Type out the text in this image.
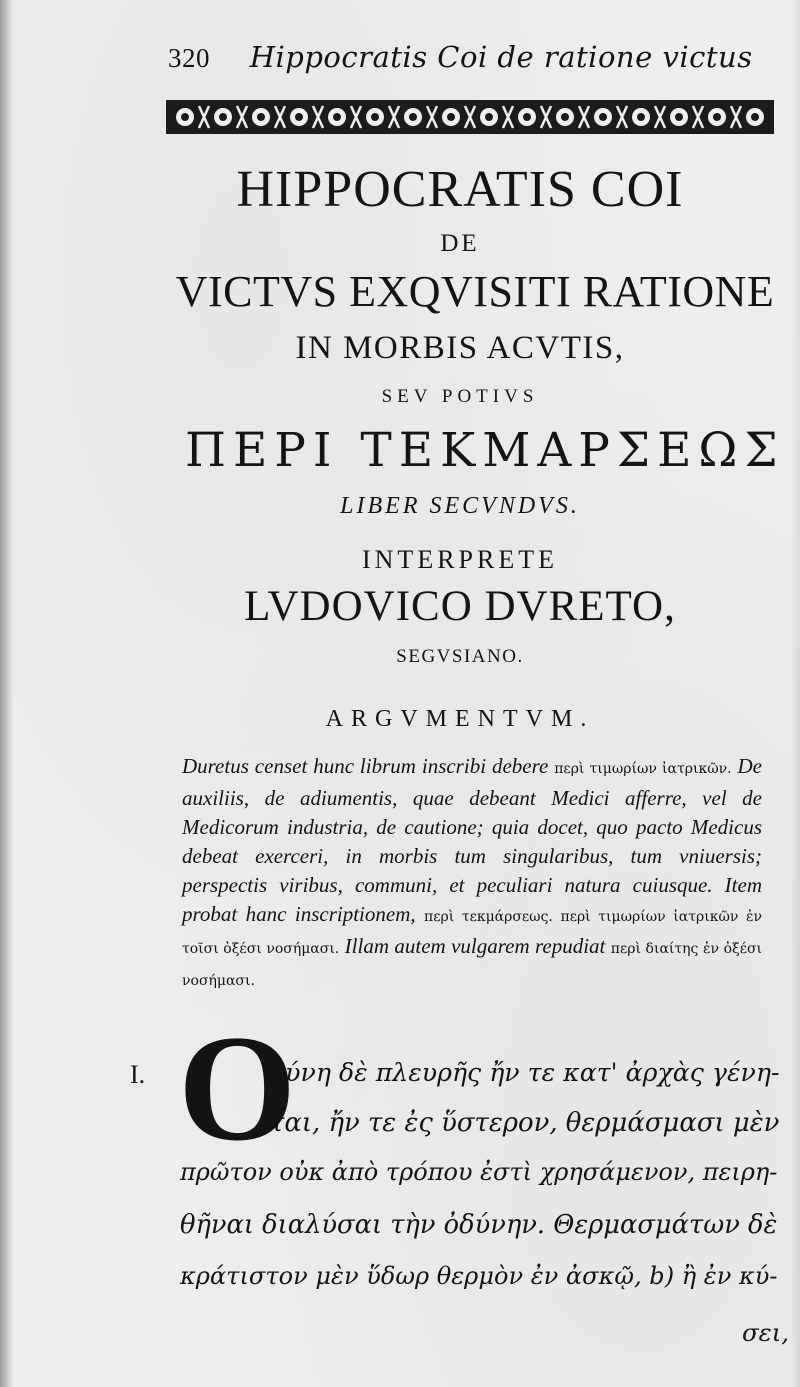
320 Hippocratis Coi de ratione victus
HIPPOCRATIS COI
DE
VICTVS EXQVISITI RATIONE
IN MORBIS ACVTIS,
SEV POTIVS
ΠΕΡΙ ΤΕΚΜΑΡΣΕΩΣ
LIBER SECVNDVS.
INTERPRETE
LVDOVICO DVRETO,
SEGVSIANO.
ARGVMENTVM.
Duretus censet hunc librum inscribi debere περὶ τιμωρίων ἰατρικῶν. De auxiliis, de adiumentis, quae debeant Medici afferre, vel de Medicorum industria, de cautione; quia docet, quo pacto Medicus debeat exerceri, in morbis tum singularibus, tum vniuersis; perspectis viribus, communi, et peculiari natura cuiusque. Item probat hanc inscriptionem, περὶ τεκμάρσεως. περὶ τιμωρίων ἰατρικῶν ἐν τοῖσι ὀξέσι νοσήμασι. Illam autem vulgarem repudiat περὶ διαίτης ἐν ὀξέσι νοσήμασι.
I. O
δύνη δὲ πλευρῆς ἤν τε κατ' ἀρχὰς γένη-
ται, ἤν τε ἐς ὕστερον, θερμάσμασι μὲν
πρῶτον οὐκ ἀπὸ τρόπου ἐστὶ χρησάμενον, πειρη-
θῆναι διαλύσαι τὴν ὀδύνην. Θερμασμάτων δὲ
κράτιστον μὲν ὕδωρ θερμὸν ἐν ἀσκῷ, b) ἢ ἐν κύ-
σει,
